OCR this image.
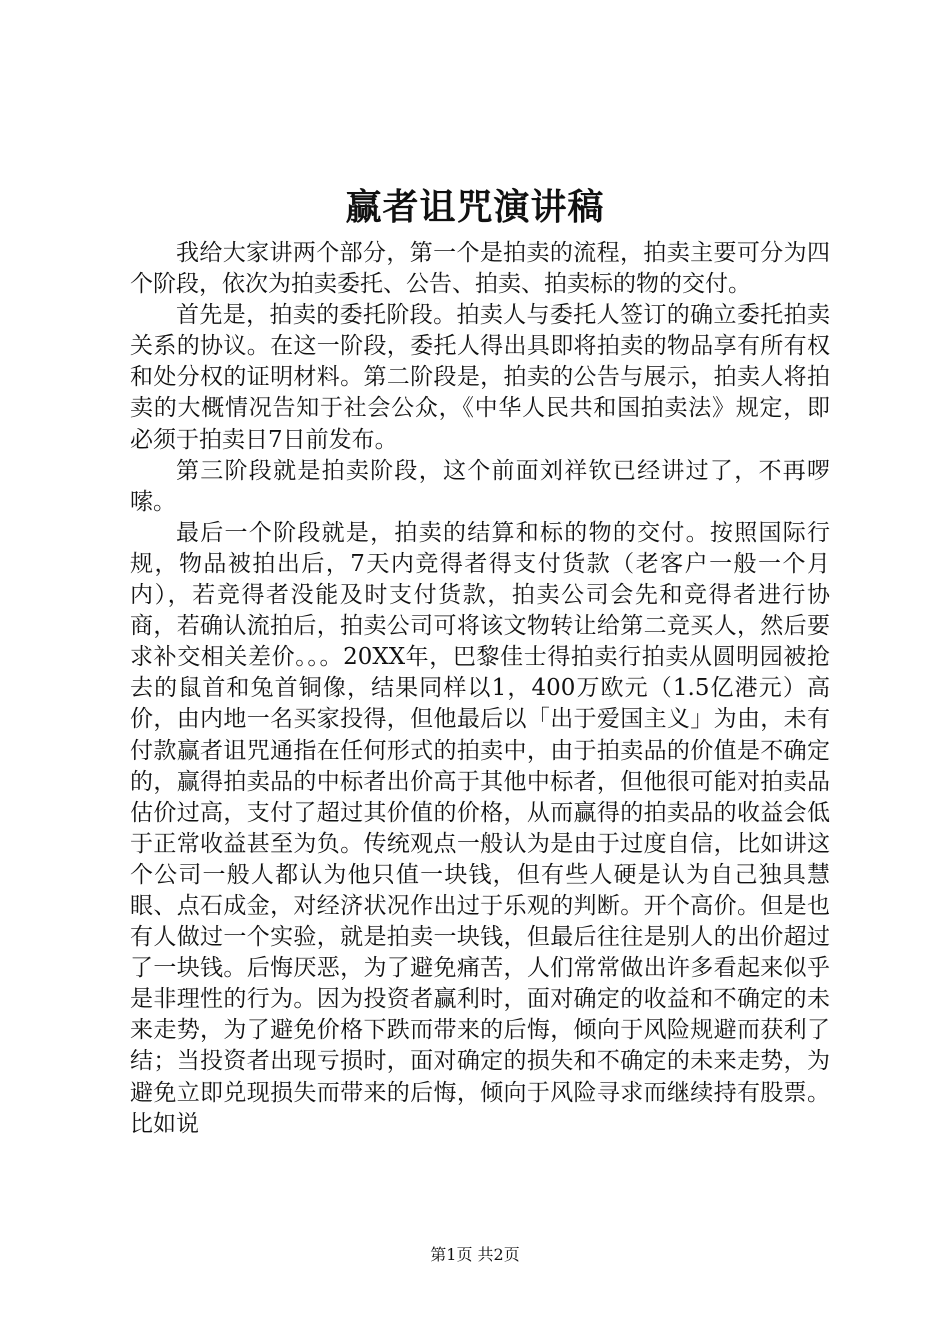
赢者诅咒演讲稿

我给大家讲两个部分，第一个是拍卖的流程，拍卖主要可分为四个阶段，依次为拍卖委托、公告、拍卖、拍卖标的物的交付。

首先是，拍卖的委托阶段。拍卖人与委托人签订的确立委托拍卖关系的协议。在这一阶段，委托人得出具即将拍卖的物品享有所有权和处分权的证明材料。第二阶段是，拍卖的公告与展示，拍卖人将拍卖的大概情况告知于社会公众，《中华人民共和国拍卖法》规定，即必须于拍卖日7日前发布。

第三阶段就是拍卖阶段，这个前面刘祥钦已经讲过了，不再啰嗦。

最后一个阶段就是，拍卖的结算和标的物的交付。按照国际行规，物品被拍出后，7天内竞得者得支付货款（老客户一般一个月内），若竞得者没能及时支付货款，拍卖公司会先和竞得者进行协商，若确认流拍后，拍卖公司可将该文物转让给第二竞买人，然后要求补交相关差价。。。20XX年，巴黎佳士得拍卖行拍卖从圆明园被抢去的鼠首和兔首铜像，结果同样以1，400万欧元（1.5亿港元）高价，由内地一名买家投得，但他最后以「出于爱国主义」为由，未有付款赢者诅咒通指在任何形式的拍卖中，由于拍卖品的价值是不确定的，赢得拍卖品的中标者出价高于其他中标者，但他很可能对拍卖品估价过高，支付了超过其价值的价格，从而赢得的拍卖品的收益会低于正常收益甚至为负。传统观点一般认为是由于过度自信，比如讲这个公司一般人都认为他只值一块钱，但有些人硬是认为自己独具慧眼、点石成金，对经济状况作出过于乐观的判断。开个高价。但是也有人做过一个实验，就是拍卖一块钱，但最后往往是别人的出价超过了一块钱。后悔厌恶，为了避免痛苦，人们常常做出许多看起来似乎是非理性的行为。因为投资者赢利时，面对确定的收益和不确定的未来走势，为了避免价格下跌而带来的后悔，倾向于风险规避而获利了结；当投资者出现亏损时，面对确定的损失和不确定的未来走势，为避免立即兑现损失而带来的后悔，倾向于风险寻求而继续持有股票。比如说

第1页 共2页
